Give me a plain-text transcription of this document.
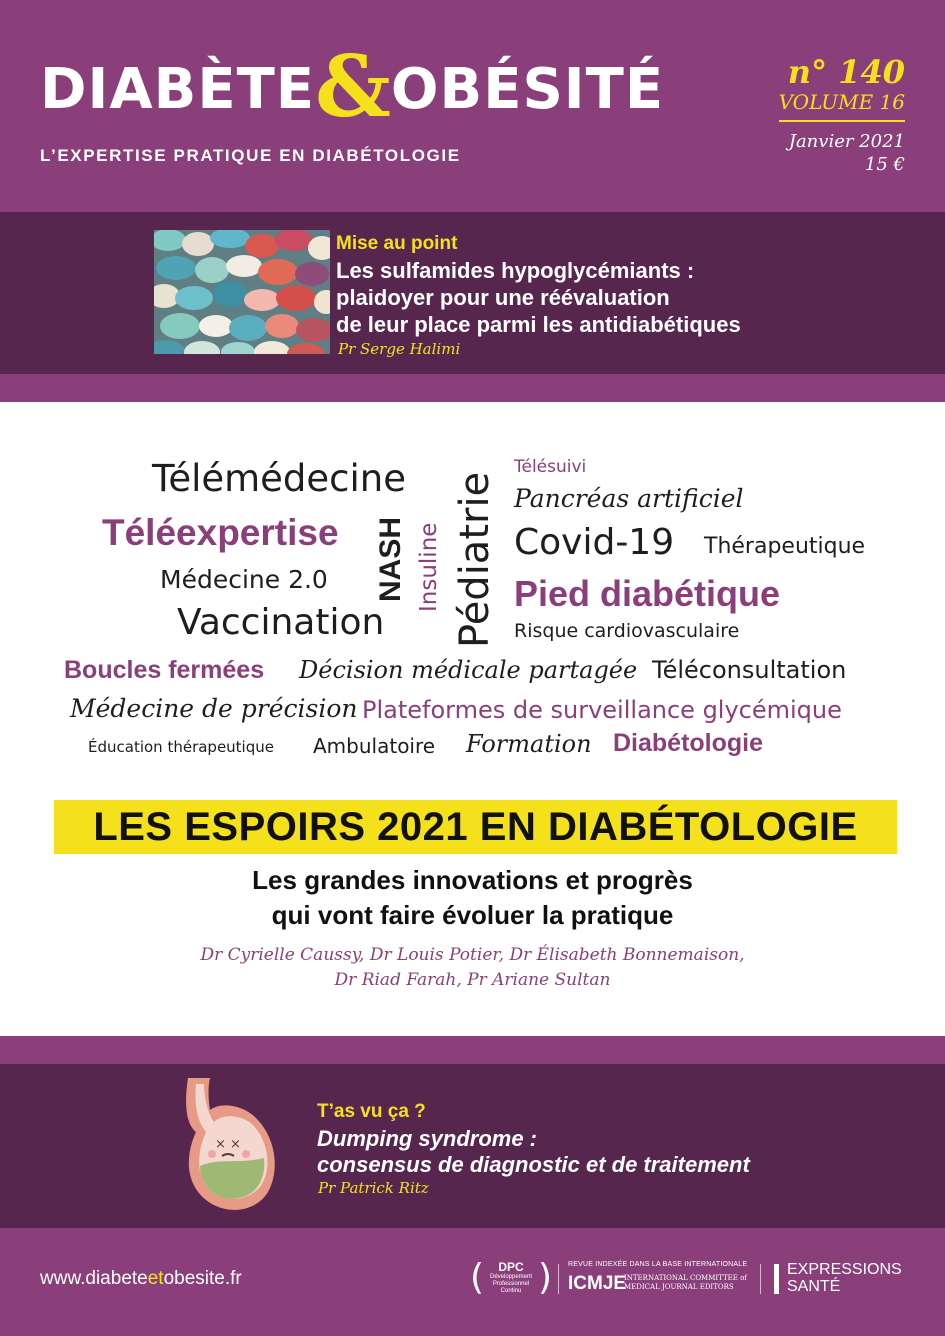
DIABÈTE&OBÉSITÉ
L’EXPERTISE PRATIQUE EN DIABÉTOLOGIE
n° 140
VOLUME 16
Janvier 2021
15 €
Mise au point
Les sulfamides hypoglycémiants :
plaidoyer pour une réévaluation
de leur place parmi les antidiabétiques
Pr Serge Halimi
Télémédecine
Téléexpertise
Médecine 2.0
Vaccination
NASH Insuline Pédiatrie
Télésuivi
Pancréas artificiel
Covid-19 Thérapeutique
Pied diabétique
Risque cardiovasculaire
Boucles fermées Décision médicale partagée Téléconsultation
Médecine de précision Plateformes de surveillance glycémique
Éducation thérapeutique Ambulatoire Formation Diabétologie
LES ESPOIRS 2021 EN DIABÉTOLOGIE
Les grandes innovations et progrès
qui vont faire évoluer la pratique
Dr Cyrielle Caussy, Dr Louis Potier, Dr Élisabeth Bonnemaison,
Dr Riad Farah, Pr Ariane Sultan
× ×
T’as vu ça ?
Dumping syndrome :
consensus de diagnostic et de traitement
Pr Patrick Ritz
www.diabeteetobesite.fr	( )
DPC
Développement
Professionnel
Continu
REVUE INDEXÉE DANS LA BASE INTERNATIONALE
ICMJE
INTERNATIONAL COMMITTEE of
MEDICAL JOURNAL EDITORS
EXPRESSIONS
SANTÉ
